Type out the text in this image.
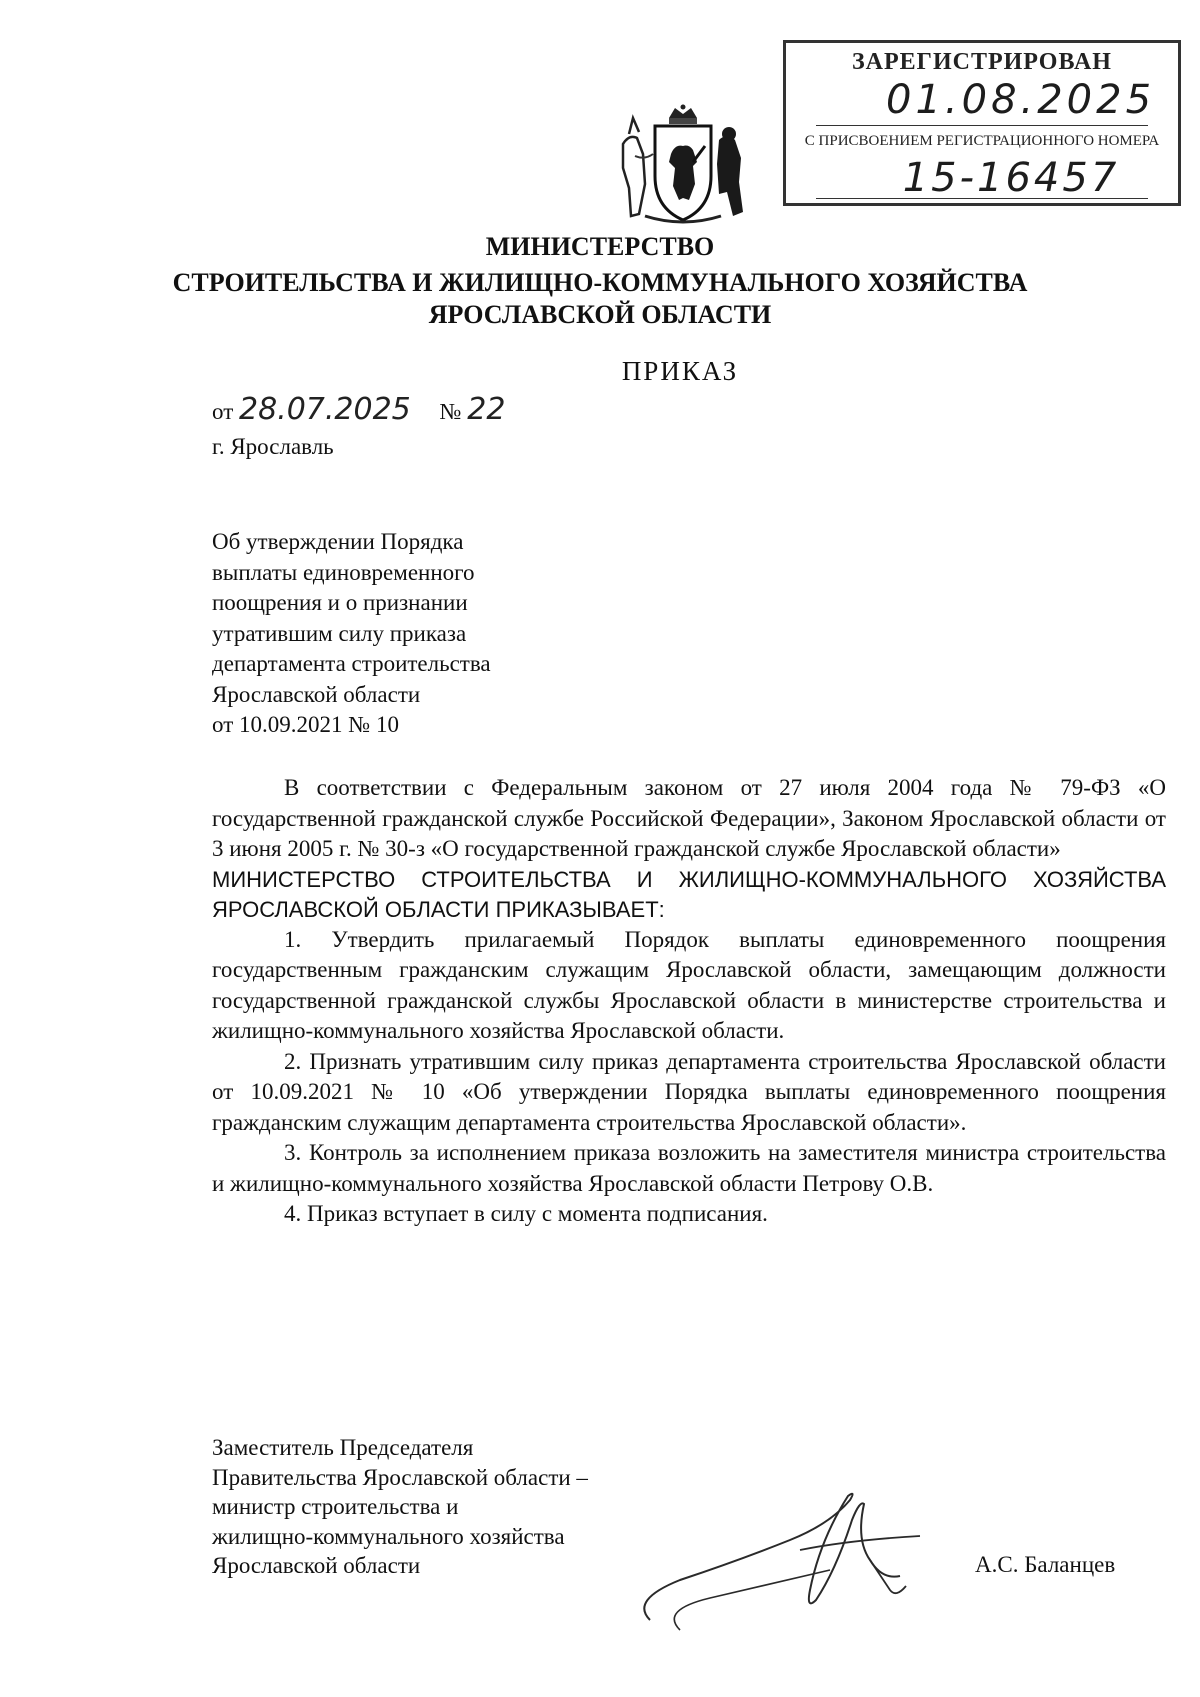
ЗАРЕГИСТРИРОВАН
01.08.2025
С ПРИСВОЕНИЕМ РЕГИСТРАЦИОННОГО НОМЕРА
15-16457
МИНИСТЕРСТВО
СТРОИТЕЛЬСТВА И ЖИЛИЩНО-КОММУНАЛЬНОГО ХОЗЯЙСТВА
ЯРОСЛАВСКОЙ ОБЛАСТИ
ПРИКАЗ
от 28.07.2025 № 22
г. Ярославль
Об утверждении Порядка
выплаты единовременного
поощрения и о признании
утратившим силу приказа
департамента строительства
Ярославской области
от 10.09.2021 № 10
В соответствии с Федеральным законом от 27 июля 2004 года № 79-ФЗ «О государственной гражданской службе Российской Федерации», Законом Ярославской области от 3 июня 2005 г. № 30-з «О государственной гражданской службе Ярославской области»
МИНИСТЕРСТВО СТРОИТЕЛЬСТВА И ЖИЛИЩНО-КОММУНАЛЬНОГО ХОЗЯЙСТВА ЯРОСЛАВСКОЙ ОБЛАСТИ ПРИКАЗЫВАЕТ:
1. Утвердить прилагаемый Порядок выплаты единовременного поощрения государственным гражданским служащим Ярославской области, замещающим должности государственной гражданской службы Ярославской области в министерстве строительства и жилищно-коммунального хозяйства Ярославской области.
2. Признать утратившим силу приказ департамента строительства Ярославской области от 10.09.2021 № 10 «Об утверждении Порядка выплаты единовременного поощрения гражданским служащим департамента строительства Ярославской области».
3. Контроль за исполнением приказа возложить на заместителя министра строительства и жилищно-коммунального хозяйства Ярославской области Петрову О.В.
4. Приказ вступает в силу с момента подписания.
Заместитель Председателя
Правительства Ярославской области –
министр строительства и
жилищно-коммунального хозяйства
Ярославской области	А.С. Баланцев
